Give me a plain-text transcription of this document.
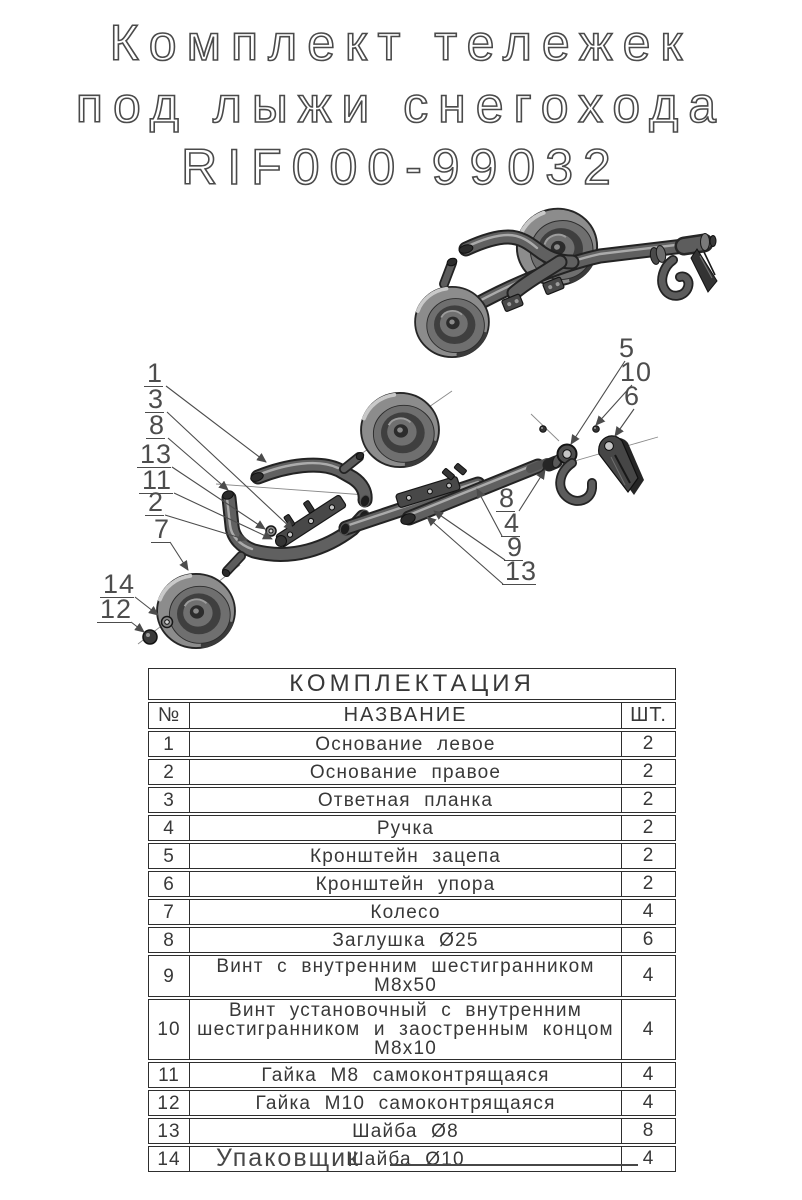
Комплект тележек
под лыжи снегохода
RIF000-99032
1
3
8
13
11
2
7
14
12
5
10
6
8
4
9
13
КОМПЛЕКТАЦИЯ		
№	НАЗВАНИЕ	ШТ.
1	Основание левое	2
2	Основание правое	2
3	Ответная планка	2
4	Ручка	2
5	Кронштейн зацепа	2
6	Кронштейн упора	2
7	Колесо	4
8	Заглушка Ø25	6
9	Винт с внутренним шестигранником М8x50	4
10	Винт установочный с внутренним шестигранником и заостренным концом М8x10	4
11	Гайка М8 самоконтрящаяся	4
12	Гайка М10 самоконтрящаяся	4
13	Шайба Ø8	8
14	Шайба Ø10	4
Упаковщик
